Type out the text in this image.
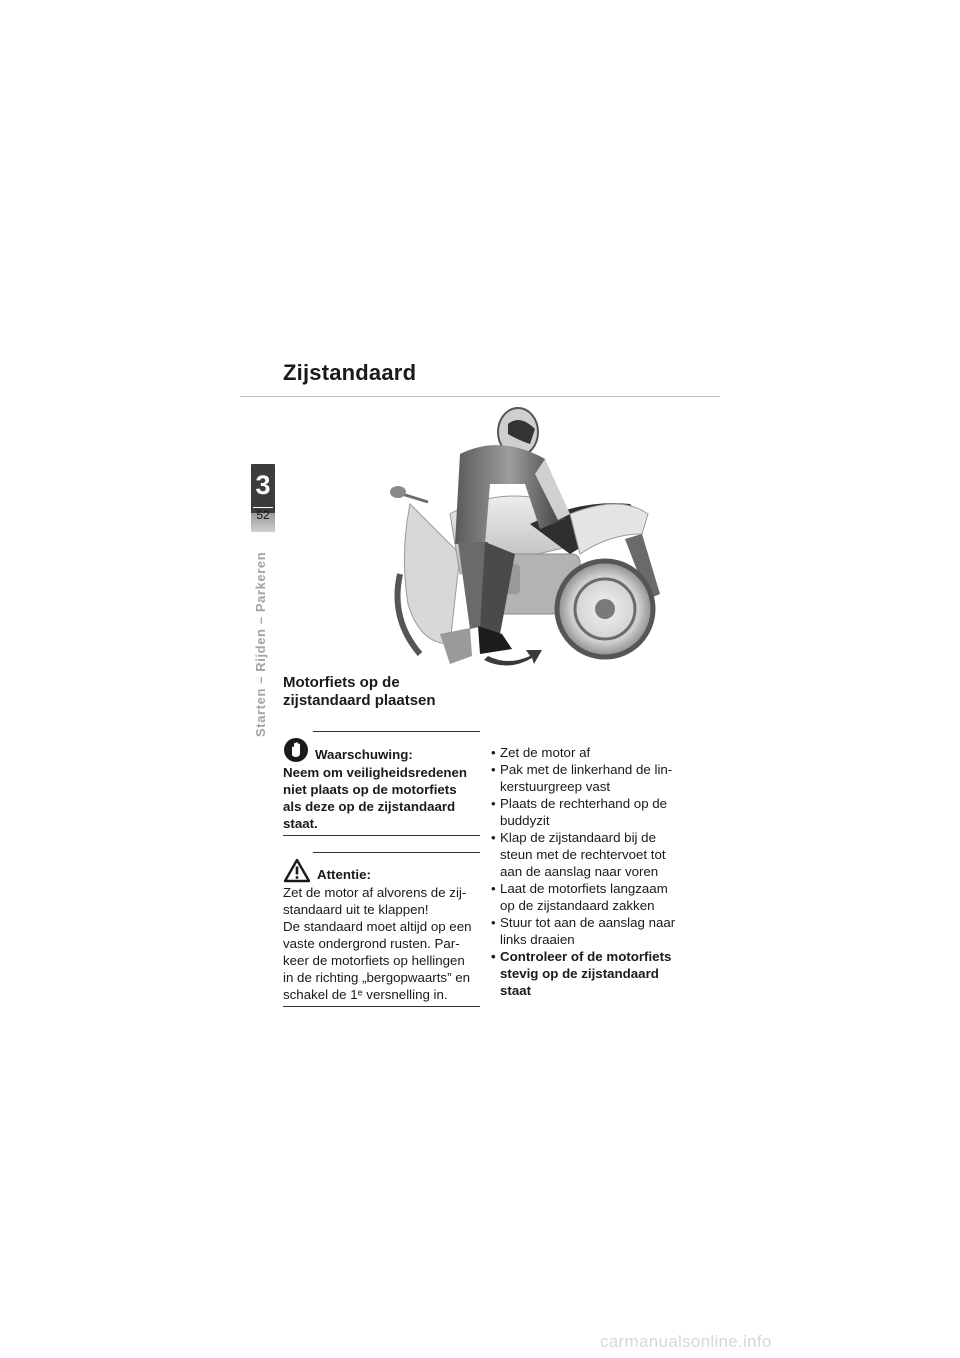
Zijstandaard
3
52
Starten – Rijden – Parkeren Motorfiets op de
zijstandaard plaatsen
Waarschuwing:
Neem om veiligheidsredenen
niet plaats op de motorfiets
als deze op de zijstandaard
staat.
Attentie:
Zet de motor af alvorens de zij-
standaard uit te klappen!
De standaard moet altijd op een
vaste ondergrond rusten. Par-
keer de motorfiets op hellingen
in de richting „bergopwaarts” en
schakel de 1ᵉ versnelling in.
• Zet de motor af
• Pak met de linkerhand de lin-
kerstuurgreep vast
• Plaats de rechterhand op de
buddyzit
• Klap de zijstandaard bij de
steun met de rechtervoet tot
aan de aanslag naar voren
• Laat de motorfiets langzaam
op de zijstandaard zakken
• Stuur tot aan de aanslag naar
links draaien
• Controleer of de motorfiets
stevig op de zijstandaard
staat
carmanualsonline.info
